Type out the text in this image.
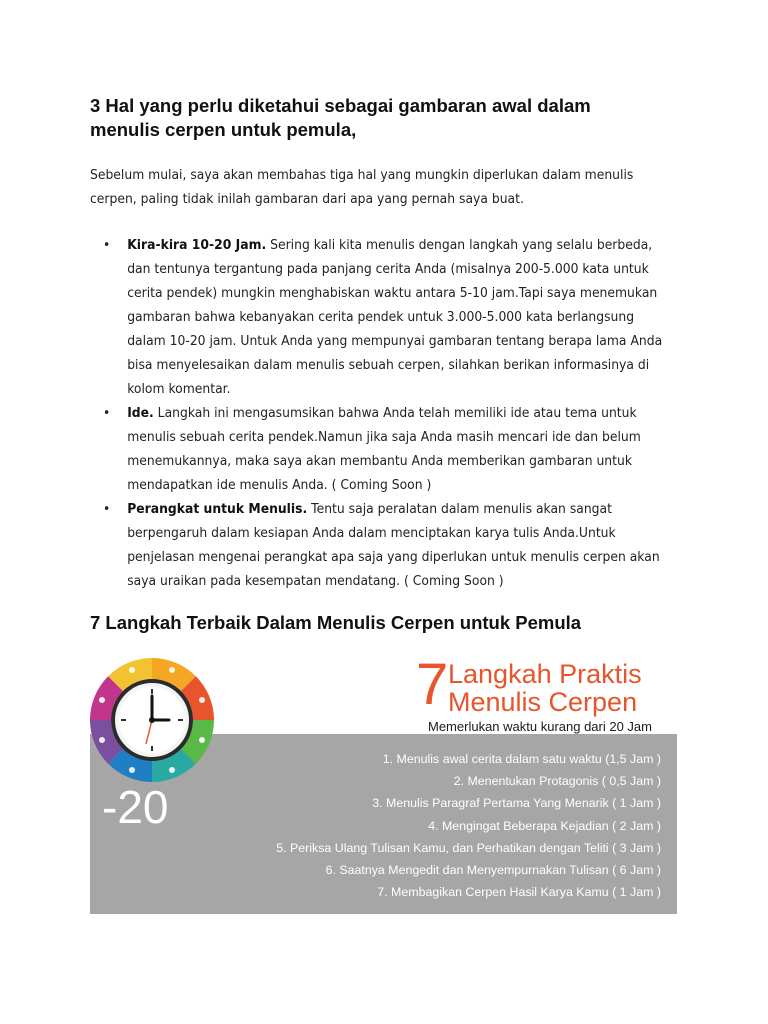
3 Hal yang perlu diketahui sebagai gambaran awal dalam menulis cerpen untuk pemula,
Sebelum mulai, saya akan membahas tiga hal yang mungkin diperlukan dalam menulis cerpen, paling tidak inilah gambaran dari apa yang pernah saya buat.
• Kira-kira 10-20 Jam. Sering kali kita menulis dengan langkah yang selalu berbeda, dan tentunya tergantung pada panjang cerita Anda (misalnya 200-5.000 kata untuk cerita pendek) mungkin menghabiskan waktu antara 5-10 jam.Tapi saya menemukan gambaran bahwa kebanyakan cerita pendek untuk 3.000-5.000 kata berlangsung dalam 10-20 jam. Untuk Anda yang mempunyai gambaran tentang berapa lama Anda bisa menyelesaikan dalam menulis sebuah cerpen, silahkan berikan informasinya di kolom komentar.
• Ide. Langkah ini mengasumsikan bahwa Anda telah memiliki ide atau tema untuk menulis sebuah cerita pendek.Namun jika saja Anda masih mencari ide dan belum menemukannya, maka saya akan membantu Anda memberikan gambaran untuk mendapatkan ide menulis Anda. ( Coming Soon )
• Perangkat untuk Menulis. Tentu saja peralatan dalam menulis akan sangat berpengaruh dalam kesiapan Anda dalam menciptakan karya tulis Anda.Untuk penjelasan mengenai perangkat apa saja yang diperlukan untuk menulis cerpen akan saya uraikan pada kesempatan mendatang. ( Coming Soon )
7 Langkah Terbaik Dalam Menulis Cerpen untuk Pemula
7 Langkah Praktis
Menulis Cerpen
Memerlukan waktu kurang dari 20 Jam
-20
1. Menulis awal cerita dalam satu waktu (1,5 Jam )
2. Menentukan Protagonis ( 0,5 Jam )
3. Menulis Paragraf Pertama Yang Menarik ( 1 Jam )
4. Mengingat Beberapa Kejadian ( 2 Jam )
5. Periksa Ulang Tulisan Kamu, dan Perhatikan dengan Teliti ( 3 Jam )
6. Saatnya Mengedit dan Menyempurnakan Tulisan ( 6 Jam )
7. Membagikan Cerpen Hasil Karya Kamu ( 1 Jam )
